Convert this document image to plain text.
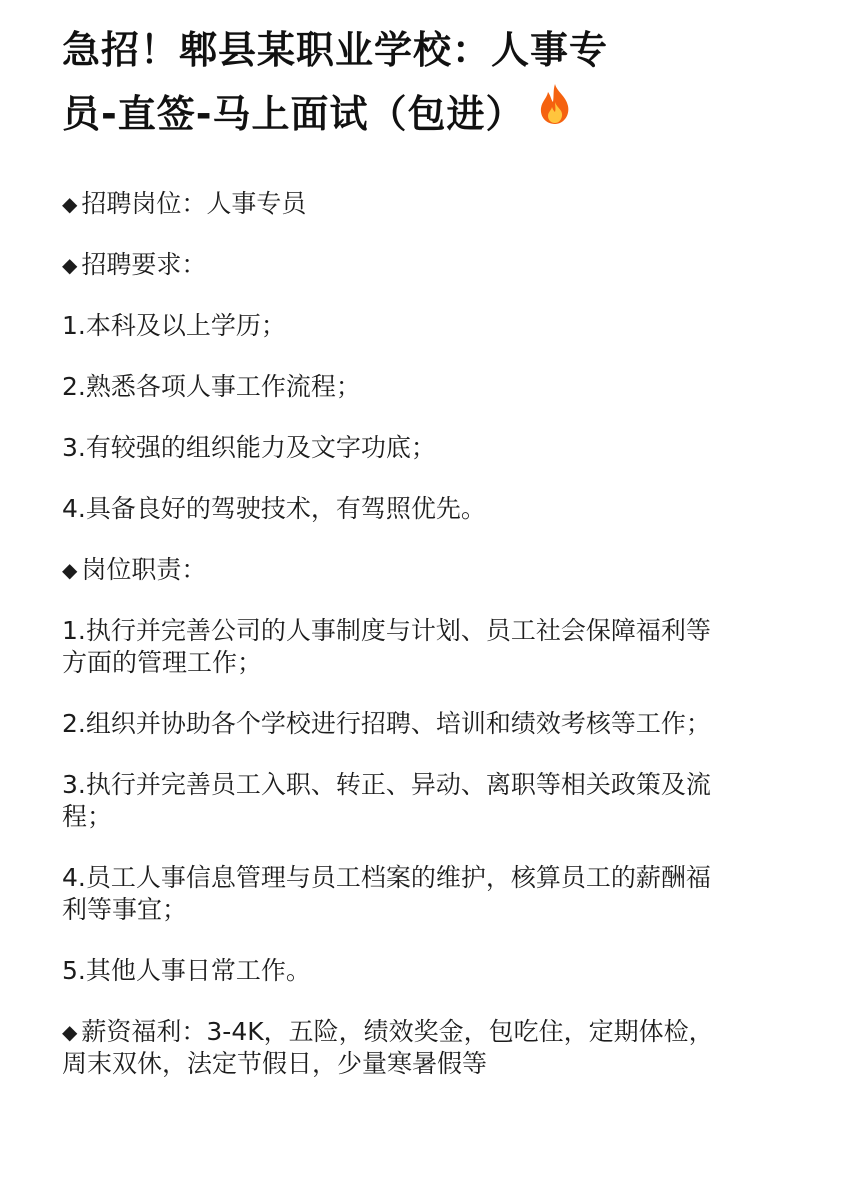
急招！郫县某职业学校：人事专
员-直签-马上面试（包进）

◆ 招聘岗位：人事专员

◆ 招聘要求：

1.本科及以上学历；

2.熟悉各项人事工作流程；

3.有较强的组织能力及文字功底；

4.具备良好的驾驶技术，有驾照优先。

◆ 岗位职责：

1.执行并完善公司的人事制度与计划、员工社会保障福利等

方面的管理工作；

2.组织并协助各个学校进行招聘、培训和绩效考核等工作；

3.执行并完善员工入职、转正、异动、离职等相关政策及流

程；

4.员工人事信息管理与员工档案的维护，核算员工的薪酬福

利等事宜；

5.其他人事日常工作。

◆ 薪资福利：3-4K，五险，绩效奖金，包吃住，定期体检，

周末双休，法定节假日，少量寒暑假等
